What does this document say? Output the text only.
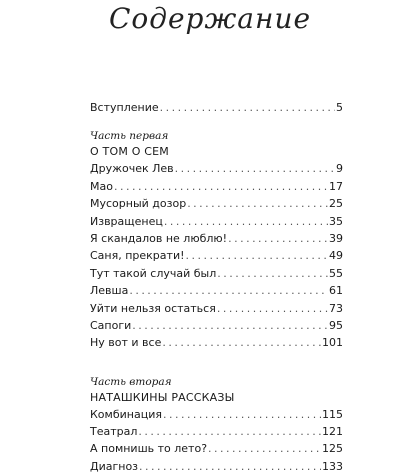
Содержание
Вступление . . .	5
Часть первая
О ТОМ О СЕМ
Дружочек Лев . . .	9
Мао . . .	17
Мусорный дозор . . .	25
Извращенец . . .	35
Я скандалов не люблю! . . .	39
Саня, прекрати! . . .	49
Тут такой случай был . . .	55
Левша . . .	61
Уйти нельзя остаться . . .	73
Сапоги . . .	95
Ну вот и все . . .	101
Часть вторая
НАТАШКИНЫ РАССКАЗЫ
Комбинация . . .	115
Театрал . . .	121
А помнишь то лето? . . .	125
Диагноз . . .	133
